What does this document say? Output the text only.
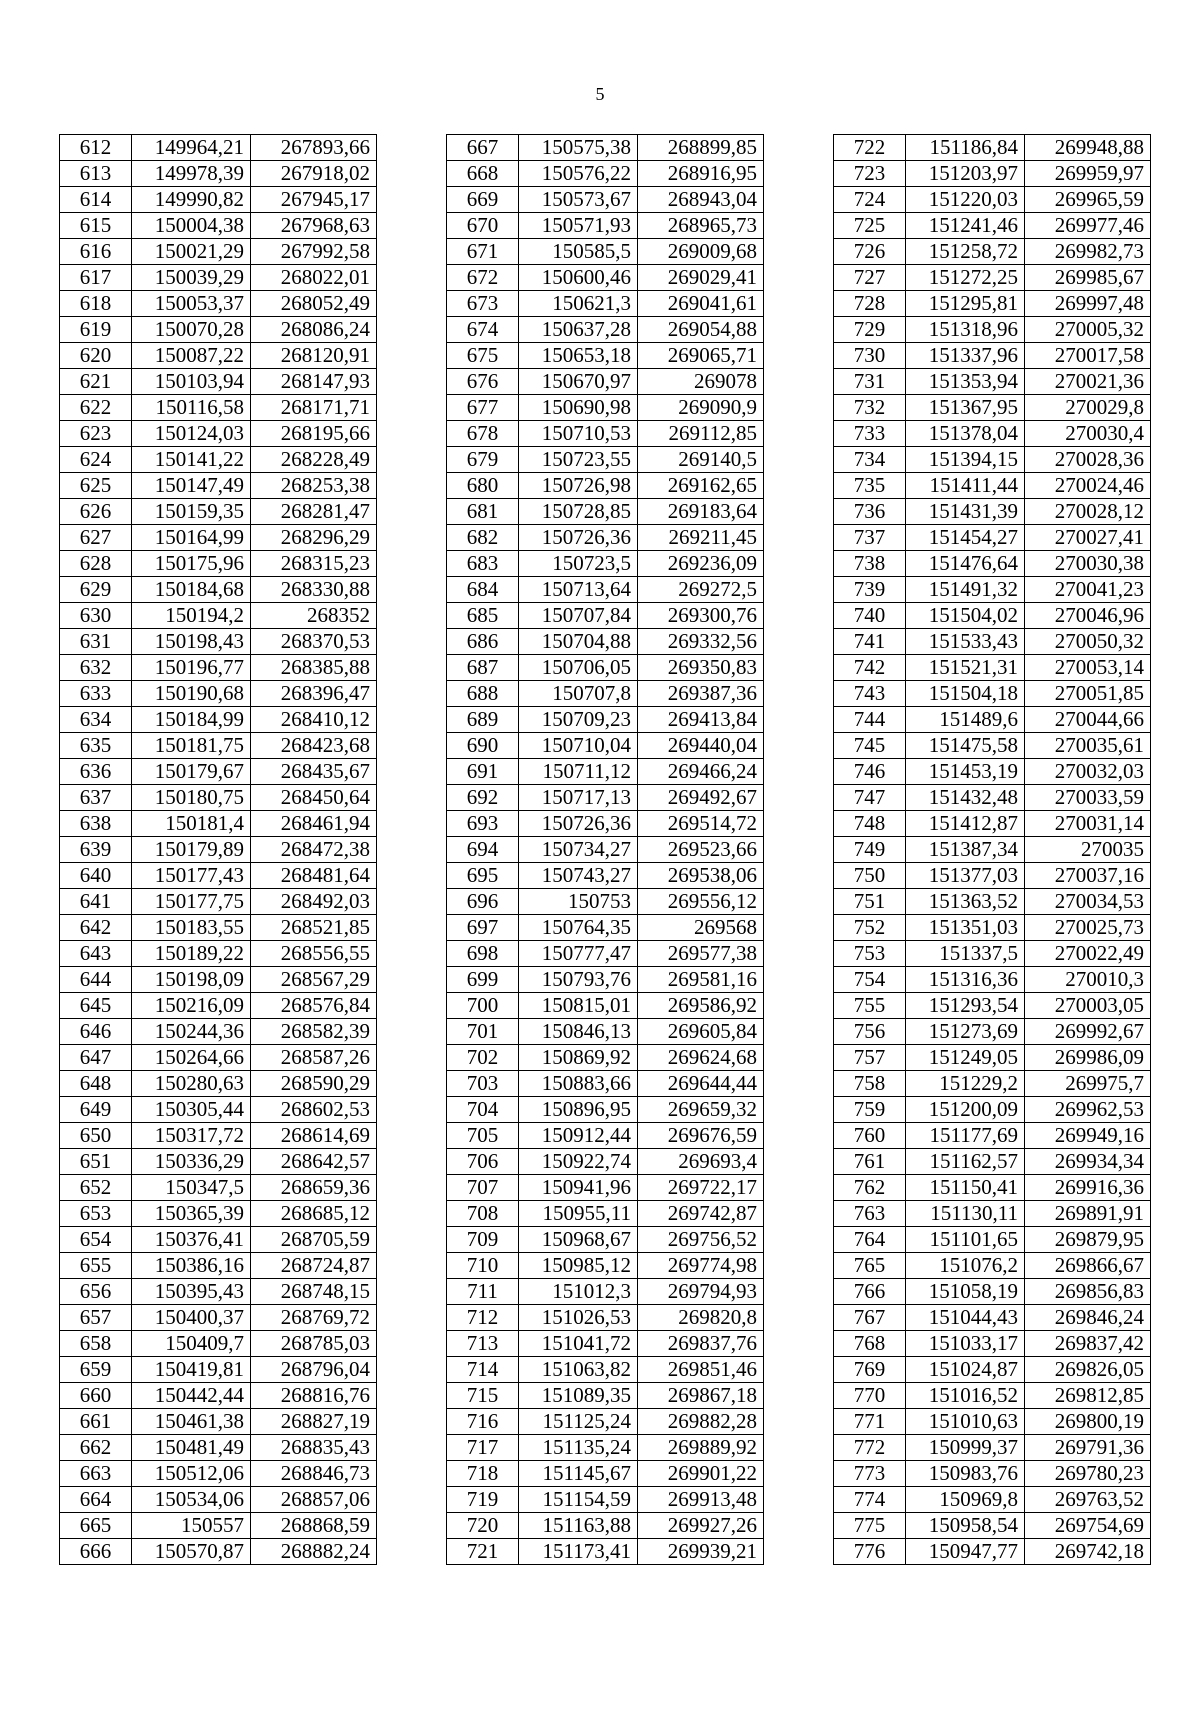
5
612	149964,21	267893,66
613	149978,39	267918,02
614	149990,82	267945,17
615	150004,38	267968,63
616	150021,29	267992,58
617	150039,29	268022,01
618	150053,37	268052,49
619	150070,28	268086,24
620	150087,22	268120,91
621	150103,94	268147,93
622	150116,58	268171,71
623	150124,03	268195,66
624	150141,22	268228,49
625	150147,49	268253,38
626	150159,35	268281,47
627	150164,99	268296,29
628	150175,96	268315,23
629	150184,68	268330,88
630	150194,2	268352
631	150198,43	268370,53
632	150196,77	268385,88
633	150190,68	268396,47
634	150184,99	268410,12
635	150181,75	268423,68
636	150179,67	268435,67
637	150180,75	268450,64
638	150181,4	268461,94
639	150179,89	268472,38
640	150177,43	268481,64
641	150177,75	268492,03
642	150183,55	268521,85
643	150189,22	268556,55
644	150198,09	268567,29
645	150216,09	268576,84
646	150244,36	268582,39
647	150264,66	268587,26
648	150280,63	268590,29
649	150305,44	268602,53
650	150317,72	268614,69
651	150336,29	268642,57
652	150347,5	268659,36
653	150365,39	268685,12
654	150376,41	268705,59
655	150386,16	268724,87
656	150395,43	268748,15
657	150400,37	268769,72
658	150409,7	268785,03
659	150419,81	268796,04
660	150442,44	268816,76
661	150461,38	268827,19
662	150481,49	268835,43
663	150512,06	268846,73
664	150534,06	268857,06
665	150557	268868,59
666	150570,87	268882,24
667	150575,38	268899,85
668	150576,22	268916,95
669	150573,67	268943,04
670	150571,93	268965,73
671	150585,5	269009,68
672	150600,46	269029,41
673	150621,3	269041,61
674	150637,28	269054,88
675	150653,18	269065,71
676	150670,97	269078
677	150690,98	269090,9
678	150710,53	269112,85
679	150723,55	269140,5
680	150726,98	269162,65
681	150728,85	269183,64
682	150726,36	269211,45
683	150723,5	269236,09
684	150713,64	269272,5
685	150707,84	269300,76
686	150704,88	269332,56
687	150706,05	269350,83
688	150707,8	269387,36
689	150709,23	269413,84
690	150710,04	269440,04
691	150711,12	269466,24
692	150717,13	269492,67
693	150726,36	269514,72
694	150734,27	269523,66
695	150743,27	269538,06
696	150753	269556,12
697	150764,35	269568
698	150777,47	269577,38
699	150793,76	269581,16
700	150815,01	269586,92
701	150846,13	269605,84
702	150869,92	269624,68
703	150883,66	269644,44
704	150896,95	269659,32
705	150912,44	269676,59
706	150922,74	269693,4
707	150941,96	269722,17
708	150955,11	269742,87
709	150968,67	269756,52
710	150985,12	269774,98
711	151012,3	269794,93
712	151026,53	269820,8
713	151041,72	269837,76
714	151063,82	269851,46
715	151089,35	269867,18
716	151125,24	269882,28
717	151135,24	269889,92
718	151145,67	269901,22
719	151154,59	269913,48
720	151163,88	269927,26
721	151173,41	269939,21
722	151186,84	269948,88
723	151203,97	269959,97
724	151220,03	269965,59
725	151241,46	269977,46
726	151258,72	269982,73
727	151272,25	269985,67
728	151295,81	269997,48
729	151318,96	270005,32
730	151337,96	270017,58
731	151353,94	270021,36
732	151367,95	270029,8
733	151378,04	270030,4
734	151394,15	270028,36
735	151411,44	270024,46
736	151431,39	270028,12
737	151454,27	270027,41
738	151476,64	270030,38
739	151491,32	270041,23
740	151504,02	270046,96
741	151533,43	270050,32
742	151521,31	270053,14
743	151504,18	270051,85
744	151489,6	270044,66
745	151475,58	270035,61
746	151453,19	270032,03
747	151432,48	270033,59
748	151412,87	270031,14
749	151387,34	270035
750	151377,03	270037,16
751	151363,52	270034,53
752	151351,03	270025,73
753	151337,5	270022,49
754	151316,36	270010,3
755	151293,54	270003,05
756	151273,69	269992,67
757	151249,05	269986,09
758	151229,2	269975,7
759	151200,09	269962,53
760	151177,69	269949,16
761	151162,57	269934,34
762	151150,41	269916,36
763	151130,11	269891,91
764	151101,65	269879,95
765	151076,2	269866,67
766	151058,19	269856,83
767	151044,43	269846,24
768	151033,17	269837,42
769	151024,87	269826,05
770	151016,52	269812,85
771	151010,63	269800,19
772	150999,37	269791,36
773	150983,76	269780,23
774	150969,8	269763,52
775	150958,54	269754,69
776	150947,77	269742,18
